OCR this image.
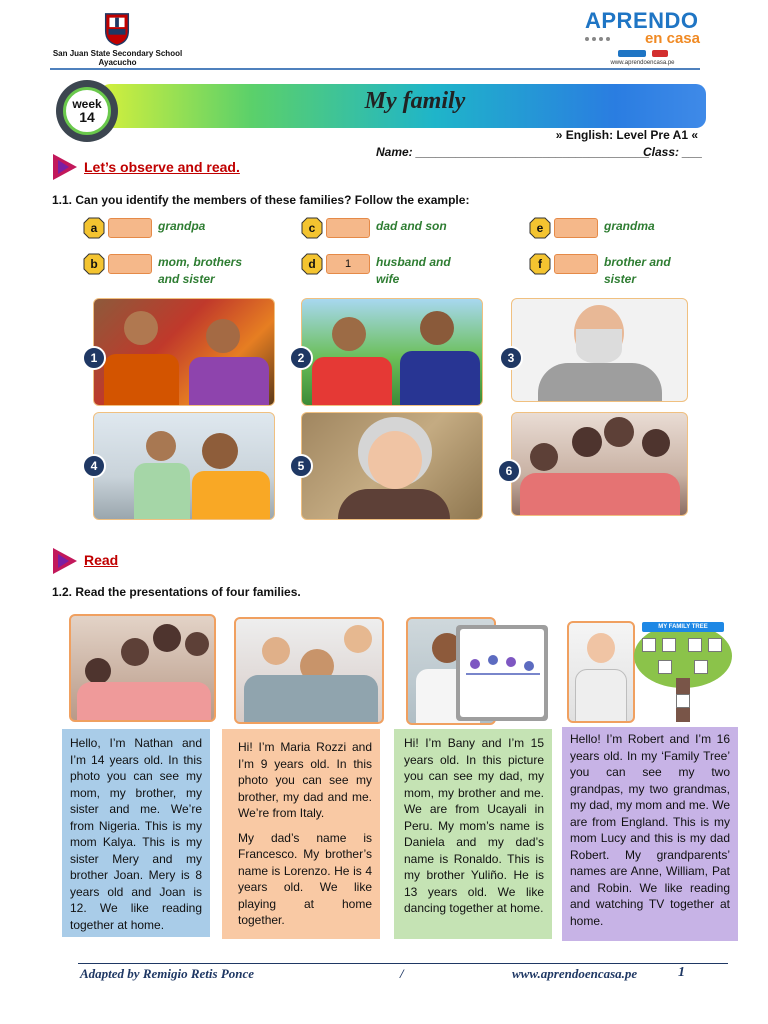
San Juan State Secondary School
Ayacucho
APRENDO
en casa
www.aprendoencasa.pe
week
14
My family
» English: Level Pre A1 «
Name: ___________________________________
Class: ___
Let’s observe and read.
1.1. Can you identify the members of these families? Follow the example:
a	grandpa
b	mom, brothers and sister
c	dad and son
d	1	husband and wife
e	grandma
f	brother and sister
1	2	3
4	5	6
Read
1.2. Read the presentations of four families.

Hello, I’m Nathan and I’m 14 years old. In this photo you can see my mom, my brother, my sister and me. We’re from Nigeria. This is my mom Kalya. This is my sister Mery and my brother Joan. Mery is 8 years old and Joan is 12. We like reading together at home.

Hi! I’m Maria Rozzi and I’m 9 years old. In this photo you can see my brother, my dad and me. We’re from Italy.

My dad’s name is Francesco. My brother’s name is Lorenzo. He is 4 years old. We like playing at home together.

Hi! I’m Bany and I’m 15 years old. In this picture you can see my dad, my mom, my brother and me. We are from Ucayali in Peru. My mom’s name is Daniela and my dad’s name is Ronaldo. This is my brother Yuliño. He is 13 years old. We like dancing together at home.

MY FAMILY TREE

Hello! I’m Robert and I’m 16 years old. In my ‘Family Tree’ you can see my two grandpas, my two grandmas, my dad, my mom and me. We are from England. This is my mom Lucy and this is my dad Robert. My grandparents’ names are Anne, William, Pat and Robin. We like reading and watching TV together at home.

Adapted by Remigio Retis Ponce	/	www.aprendoencasa.pe	1
